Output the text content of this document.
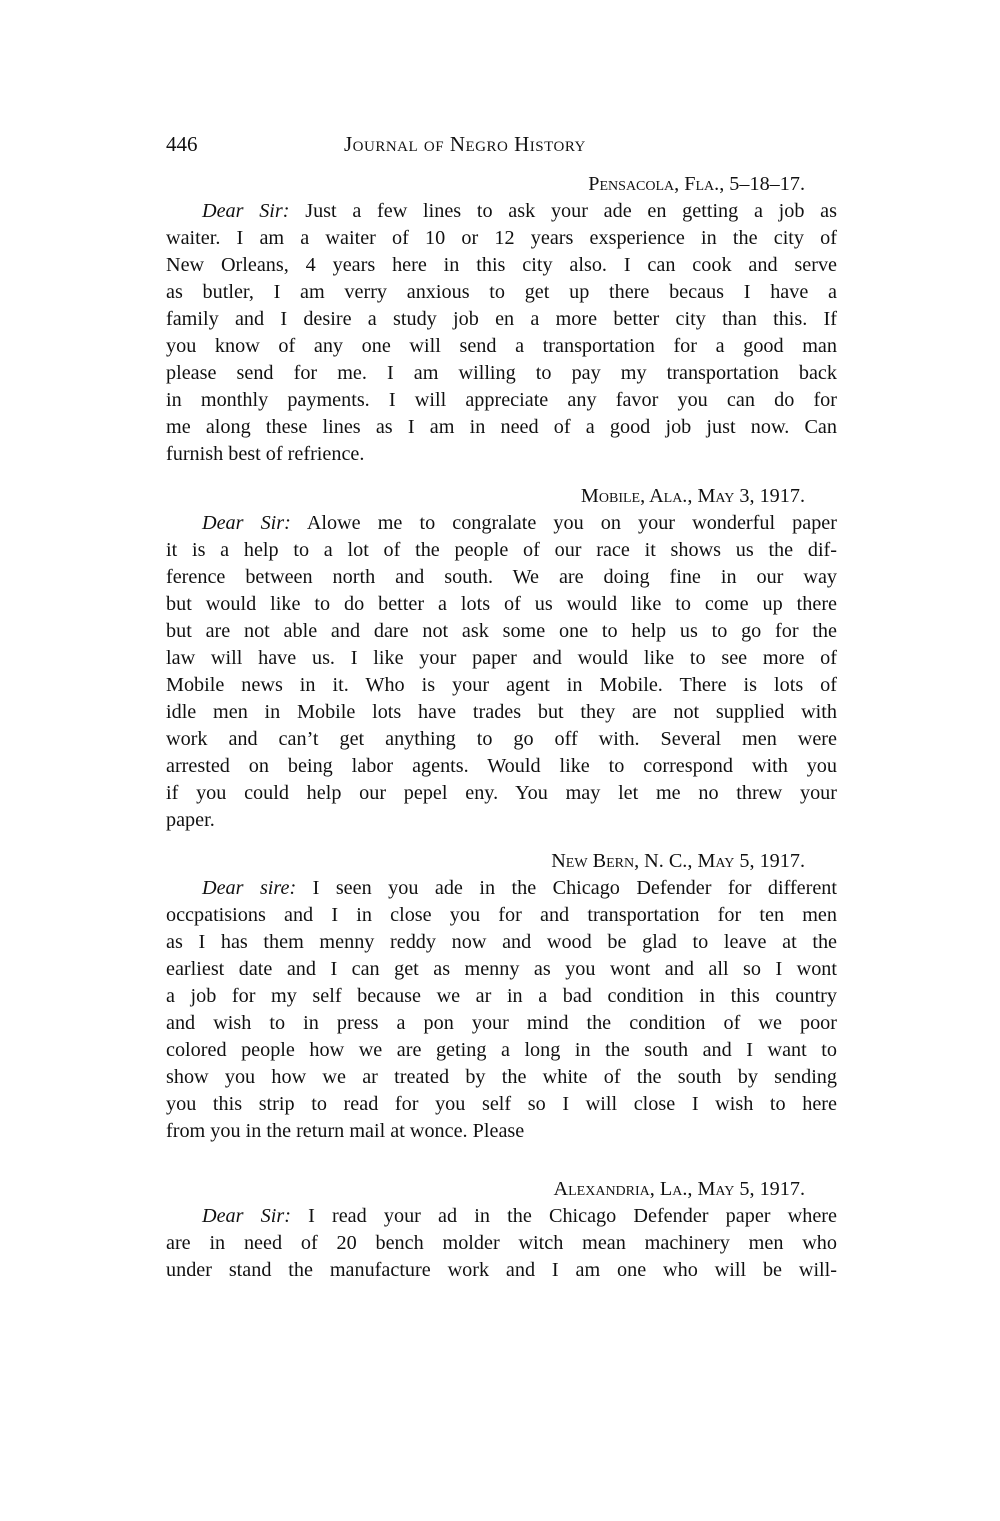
446	Journal of Negro History
Pensacola, Fla., 5–18–17.
Dear Sir: Just a few lines to ask your ade en getting a job as
waiter. I am a waiter of 10 or 12 years exsperience in the city of
New Orleans, 4 years here in this city also. I can cook and serve
as butler, I am verry anxious to get up there becaus I have a
family and I desire a study job en a more better city than this. If
you know of any one will send a transportation for a good man
please send for me. I am willing to pay my transportation back
in monthly payments. I will appreciate any favor you can do for
me along these lines as I am in need of a good job just now. Can
furnish best of refrience.
Mobile, Ala., May 3, 1917.
Dear Sir: Alowe me to congralate you on your wonderful paper
it is a help to a lot of the people of our race it shows us the dif-
ference between north and south. We are doing fine in our way
but would like to do better a lots of us would like to come up there
but are not able and dare not ask some one to help us to go for the
law will have us. I like your paper and would like to see more of
Mobile news in it. Who is your agent in Mobile. There is lots of
idle men in Mobile lots have trades but they are not supplied with
work and can’t get anything to go off with. Several men were
arrested on being labor agents. Would like to correspond with you
if you could help our pepel eny. You may let me no threw your
paper.
New Bern, N. C., May 5, 1917.
Dear sire: I seen you ade in the Chicago Defender for different
occpatisions and I in close you for and transportation for ten men
as I has them menny reddy now and wood be glad to leave at the
earliest date and I can get as menny as you wont and all so I wont
a job for my self because we ar in a bad condition in this country
and wish to in press a pon your mind the condition of we poor
colored people how we are geting a long in the south and I want to
show you how we ar treated by the white of the south by sending
you this strip to read for you self so I will close I wish to here
from you in the return mail at wonce. Please
Alexandria, La., May 5, 1917.
Dear Sir: I read your ad in the Chicago Defender paper where
are in need of 20 bench molder witch mean machinery men who
under stand the manufacture work and I am one who will be will-
